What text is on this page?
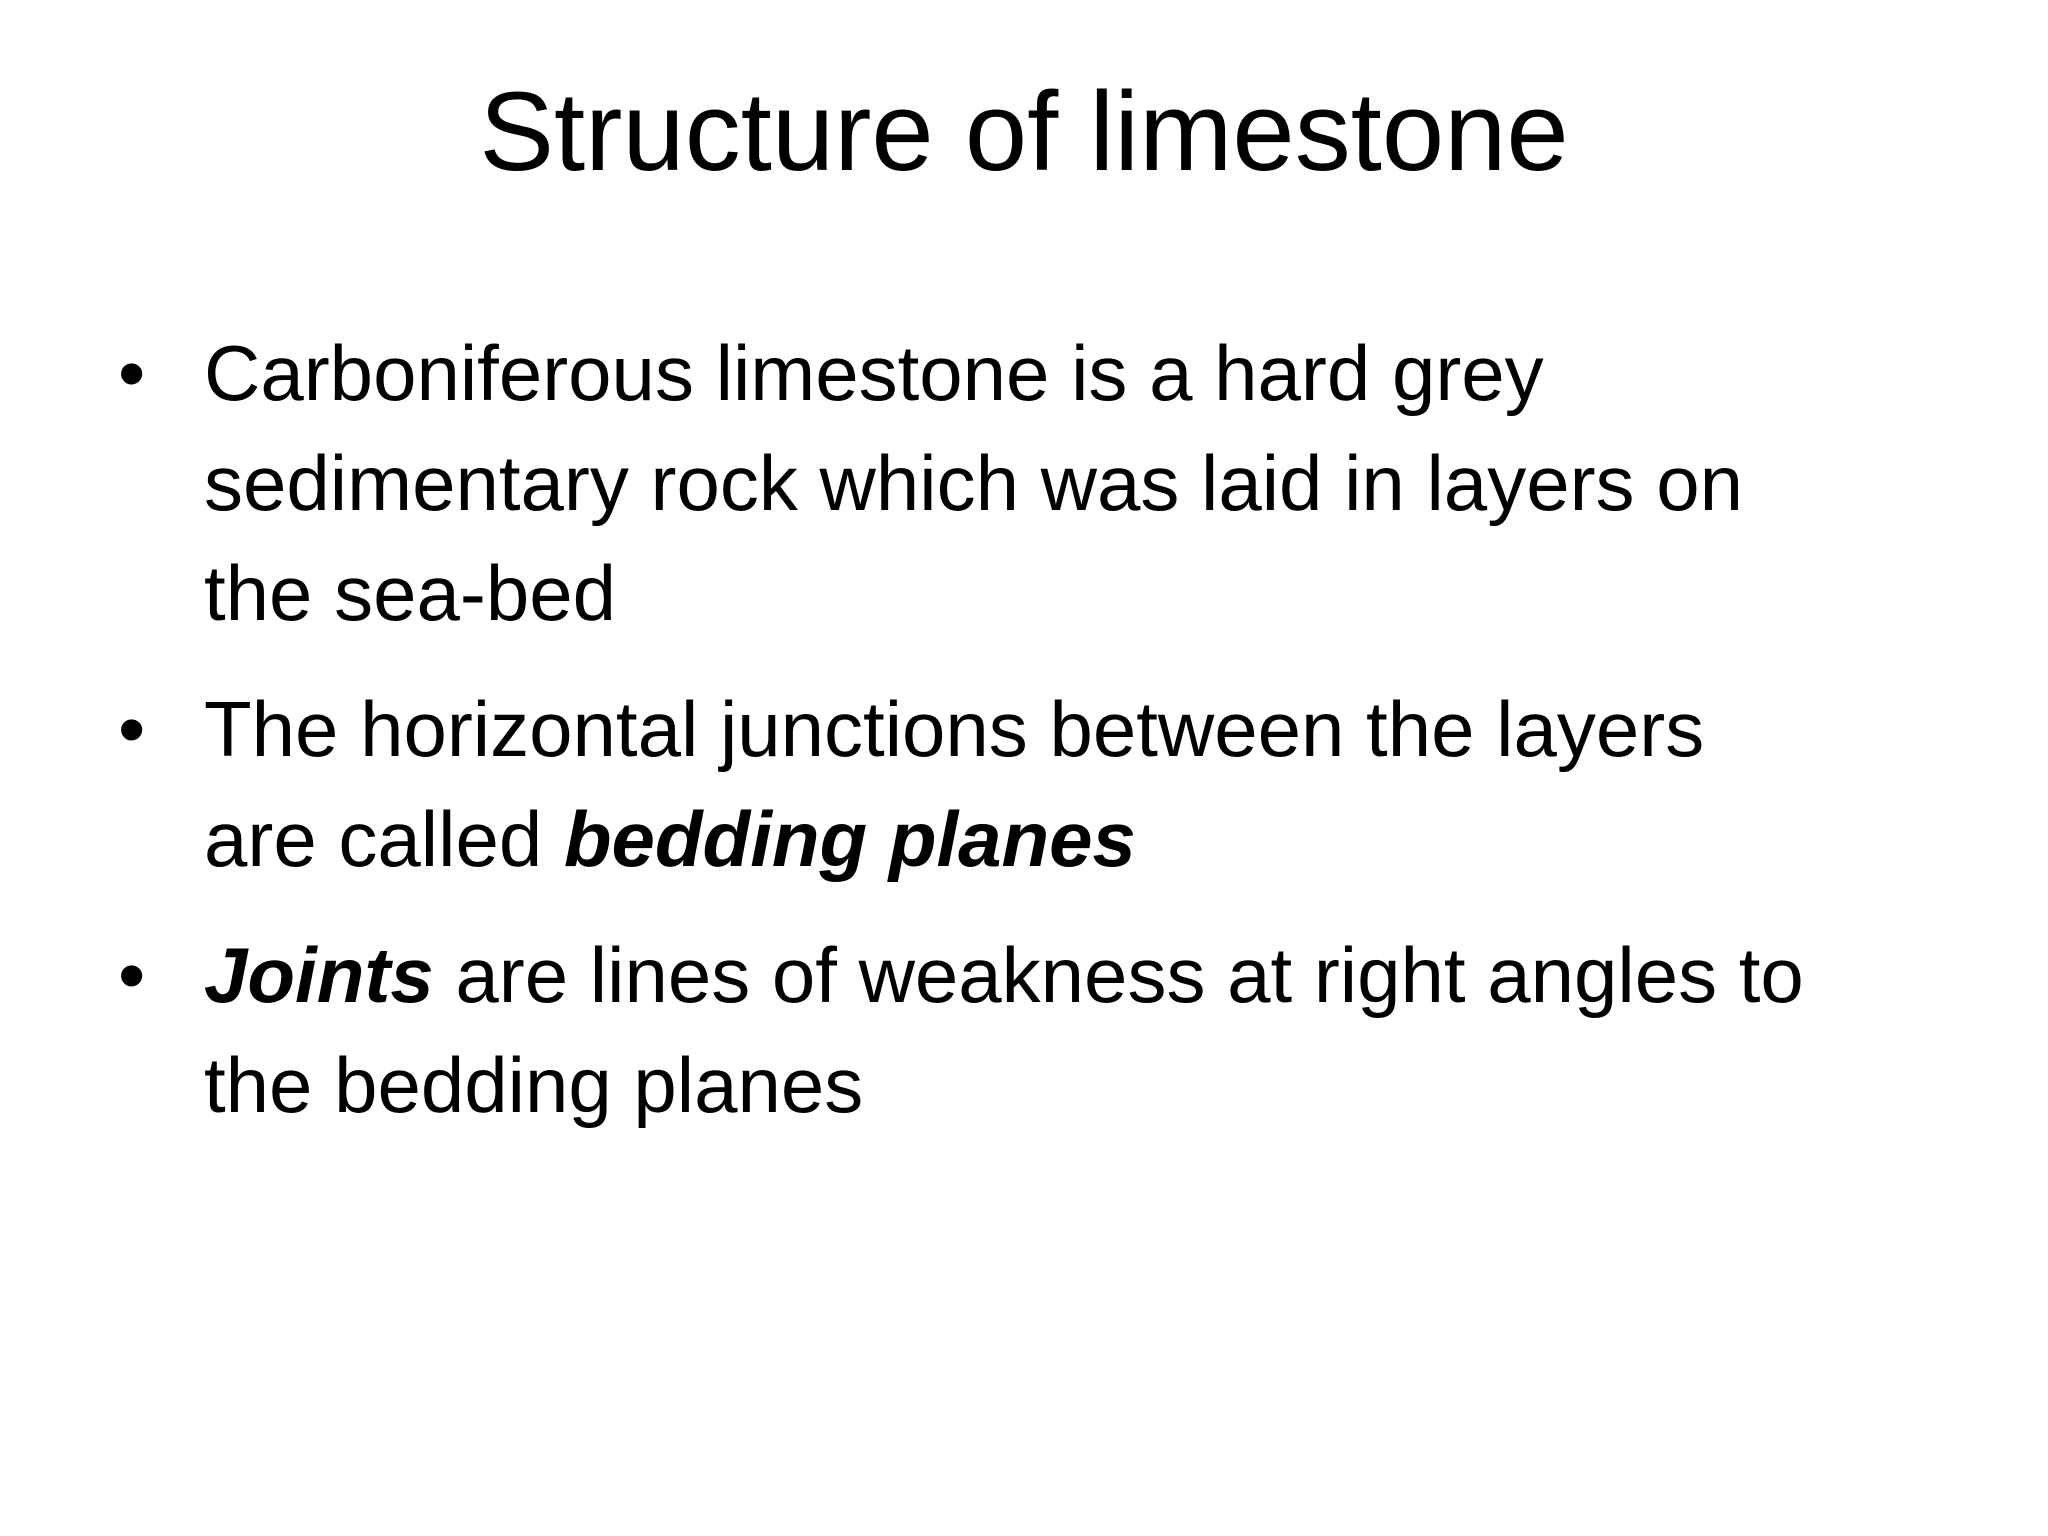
Structure of limestone
• Carboniferous limestone is a hard grey
sedimentary rock which was laid in layers on
the sea-bed
• The horizontal junctions between the layers
are called bedding planes
• Joints are lines of weakness at right angles to
the bedding planes
